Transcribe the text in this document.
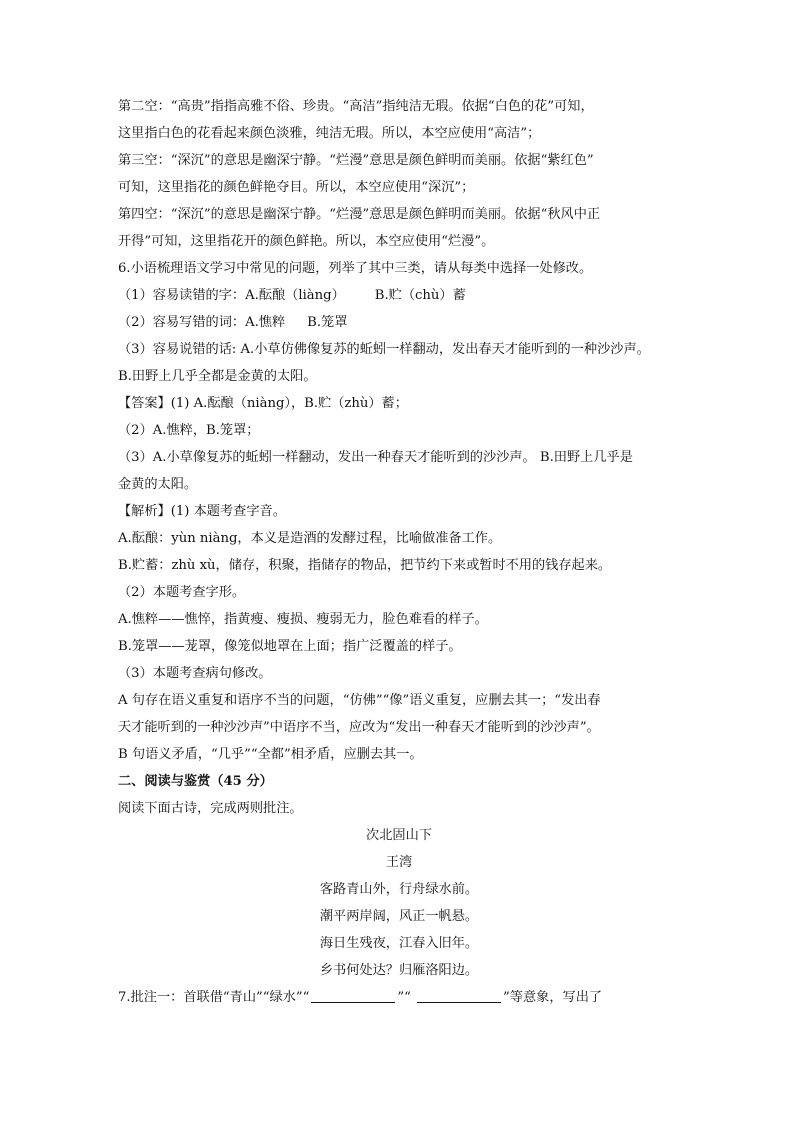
第二空：“高贵”指指高雅不俗、珍贵。“高洁”指纯洁无瑕。依据“白色的花”可知，
这里指白色的花看起来颜色淡雅，纯洁无瑕。所以，本空应使用“高洁”；
第三空：“深沉”的意思是幽深宁静。“烂漫”意思是颜色鲜明而美丽。依据“紫红色”
可知，这里指花的颜色鲜艳夺目。所以，本空应使用“深沉”；
第四空：“深沉”的意思是幽深宁静。“烂漫”意思是颜色鲜明而美丽。依据“秋风中正
开得”可知，这里指花开的颜色鲜艳。所以，本空应使用“烂漫”。
6.小语梳理语文学习中常见的问题，列举了其中三类，请从每类中选择一处修改。
（1）容易读错的字：A.酝酿（liàng） B.贮（chù）蓄
（2）容易写错的词：A.憔粹 B.笼罩
（3）容易说错的话: A.小草仿佛像复苏的蚯蚓一样翻动，发出春天才能听到的一种沙沙声。
B.田野上几乎全都是金黄的太阳。
【答案】(1) A.酝酿（niàng），B.贮（zhù）蓄；
（2）A.憔粹，B.笼罩；
（3）A.小草像复苏的蚯蚓一样翻动，发出一种春天才能听到的沙沙声。 B.田野上几乎是
金黄的太阳。
【解析】(1) 本题考查字音。
A.酝酿：yùn niàng，本义是造酒的发酵过程，比喻做准备工作。
B.贮蓄：zhù xù，储存，积聚，指储存的物品，把节约下来或暂时不用的钱存起来。
（2）本题考查字形。
A.憔粹——憔悴，指黄瘦、瘦损、瘦弱无力，脸色难看的样子。
B.笼罩——茏罩，像笼似地罩在上面；指广泛覆盖的样子。
（3）本题考查病句修改。
A 句存在语义重复和语序不当的问题，“仿佛”“像”语义重复，应删去其一；“发出春
天才能听到的一种沙沙声”中语序不当，应改为“发出一种春天才能听到的沙沙声”。
B 句语义矛盾，“几乎”“全都”相矛盾，应删去其一。
二、阅读与鉴赏（45 分）
阅读下面古诗，完成两则批注。
次北固山下
王湾
客路青山外，行舟绿水前。
潮平两岸阔，风正一帆悬。
海日生残夜，江春入旧年。
乡书何处达？归雁洛阳边。
7.批注一：首联借“青山”“绿水”“	”“	”等意象，写出了
